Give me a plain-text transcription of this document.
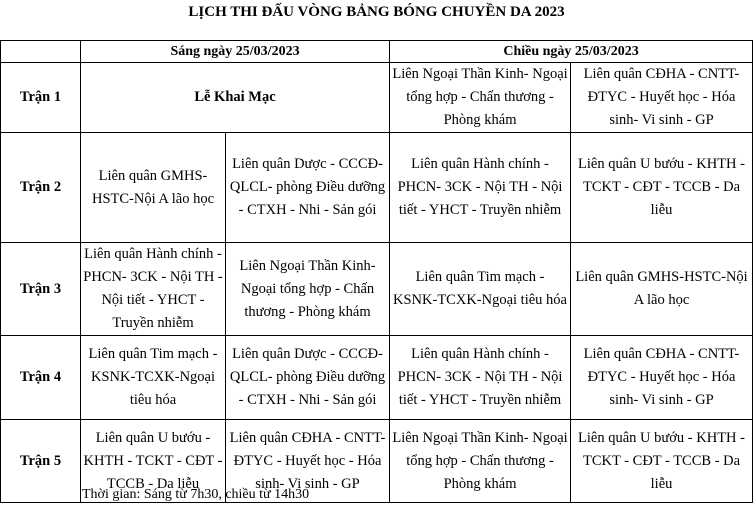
LỊCH THI ĐẤU VÒNG BẢNG BÓNG CHUYỀN DA 2023
	Sáng ngày 25/03/2023		Chiều ngày 25/03/2023	
Trận 1	Lễ Khai Mạc		Liên Ngoại Thần Kinh- Ngoại tổng hợp - Chấn thương - Phòng khám	Liên quân CĐHA - CNTT- ĐTYC - Huyết học - Hóa sinh- Vi sinh - GP
Trận 2	Liên quân GMHS-HSTC-Nội A lão học	Liên quân Dược - CCCĐ-QLCL- phòng Điều dưỡng - CTXH - Nhi - Sản gói	Liên quân Hành chính - PHCN- 3CK - Nội TH - Nội tiết - YHCT - Truyền nhiễm	Liên quân U bướu - KHTH - TCKT - CĐT - TCCB - Da liễu
Trận 3	Liên quân Hành chính - PHCN- 3CK - Nội TH - Nội tiết - YHCT - Truyền nhiễm	Liên Ngoại Thần Kinh- Ngoại tổng hợp - Chấn thương - Phòng khám	Liên quân Tim mạch - KSNK-TCXK-Ngoại tiêu hóa	Liên quân GMHS-HSTC-Nội A lão học
Trận 4	Liên quân Tim mạch - KSNK-TCXK-Ngoại tiêu hóa	Liên quân Dược - CCCĐ-QLCL- phòng Điều dưỡng - CTXH - Nhi - Sản gói	Liên quân Hành chính - PHCN- 3CK - Nội TH - Nội tiết - YHCT - Truyền nhiễm	Liên quân CĐHA - CNTT- ĐTYC - Huyết học - Hóa sinh- Vi sinh - GP
Trận 5	Liên quân U bướu - KHTH - TCKT - CĐT - TCCB - Da liễu	Liên quân CĐHA - CNTT- ĐTYC - Huyết học - Hóa sinh- Vi sinh - GP	Liên Ngoại Thần Kinh- Ngoại tổng hợp - Chấn thương - Phòng khám	Liên quân U bướu - KHTH - TCKT - CĐT - TCCB - Da liễu
Thời gian: Sáng từ 7h30, chiều từ 14h30
